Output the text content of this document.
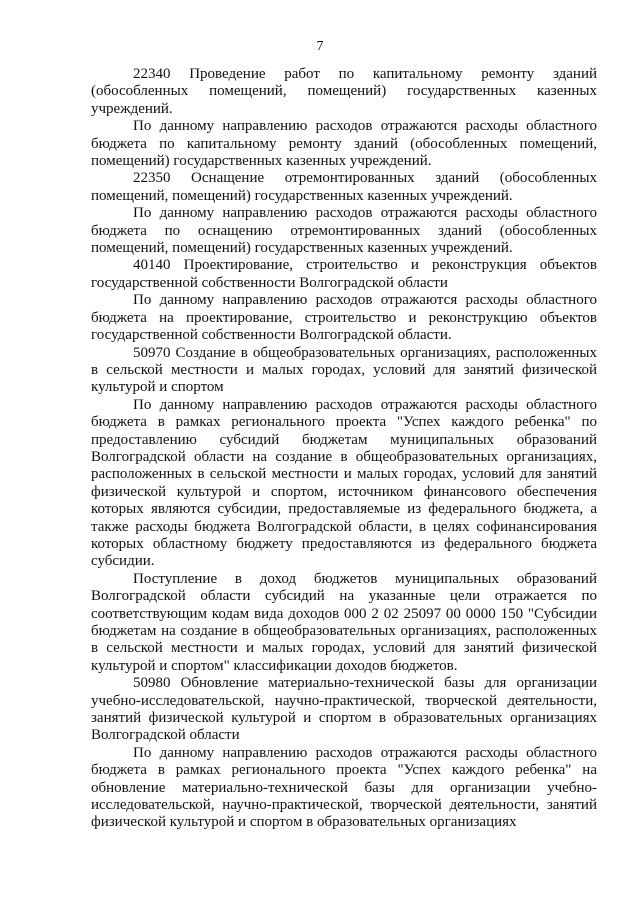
7

22340 Проведение работ по капитальному ремонту зданий (обособленных помещений, помещений) государственных казенных учреждений.

По данному направлению расходов отражаются расходы областного бюджета по капитальному ремонту зданий (обособленных помещений, помещений) государственных казенных учреждений.

22350 Оснащение отремонтированных зданий (обособленных помещений, помещений) государственных казенных учреждений.

По данному направлению расходов отражаются расходы областного бюджета по оснащению отремонтированных зданий (обособленных помещений, помещений) государственных казенных учреждений.

40140 Проектирование, строительство и реконструкция объектов государственной собственности Волгоградской области

По данному направлению расходов отражаются расходы областного бюджета на проектирование, строительство и реконструкцию объектов государственной собственности Волгоградской области.

50970 Создание в общеобразовательных организациях, расположенных в сельской местности и малых городах, условий для занятий физической культурой и спортом

По данному направлению расходов отражаются расходы областного бюджета в рамках регионального проекта "Успех каждого ребенка" по предоставлению субсидий бюджетам муниципальных образований Волгоградской области на создание в общеобразовательных организациях, расположенных в сельской местности и малых городах, условий для занятий физической культурой и спортом, источником финансового обеспечения которых являются субсидии, предоставляемые из федерального бюджета, а также расходы бюджета Волгоградской области, в целях софинансирования которых областному бюджету предоставляются из федерального бюджета субсидии.

Поступление в доход бюджетов муниципальных образований Волгоградской области субсидий на указанные цели отражается по соответствующим кодам вида доходов 000 2 02 25097 00 0000 150 "Субсидии бюджетам на создание в общеобразовательных организациях, расположенных в сельской местности и малых городах, условий для занятий физической культурой и спортом" классификации доходов бюджетов.

50980 Обновление материально-технической базы для организации учебно-исследовательской, научно-практической, творческой деятельности, занятий физической культурой и спортом в образовательных организациях Волгоградской области

По данному направлению расходов отражаются расходы областного бюджета в рамках регионального проекта "Успех каждого ребенка" на обновление материально-технической базы для организации учебно-исследовательской, научно-практической, творческой деятельности, занятий физической культурой и спортом в образовательных организациях
